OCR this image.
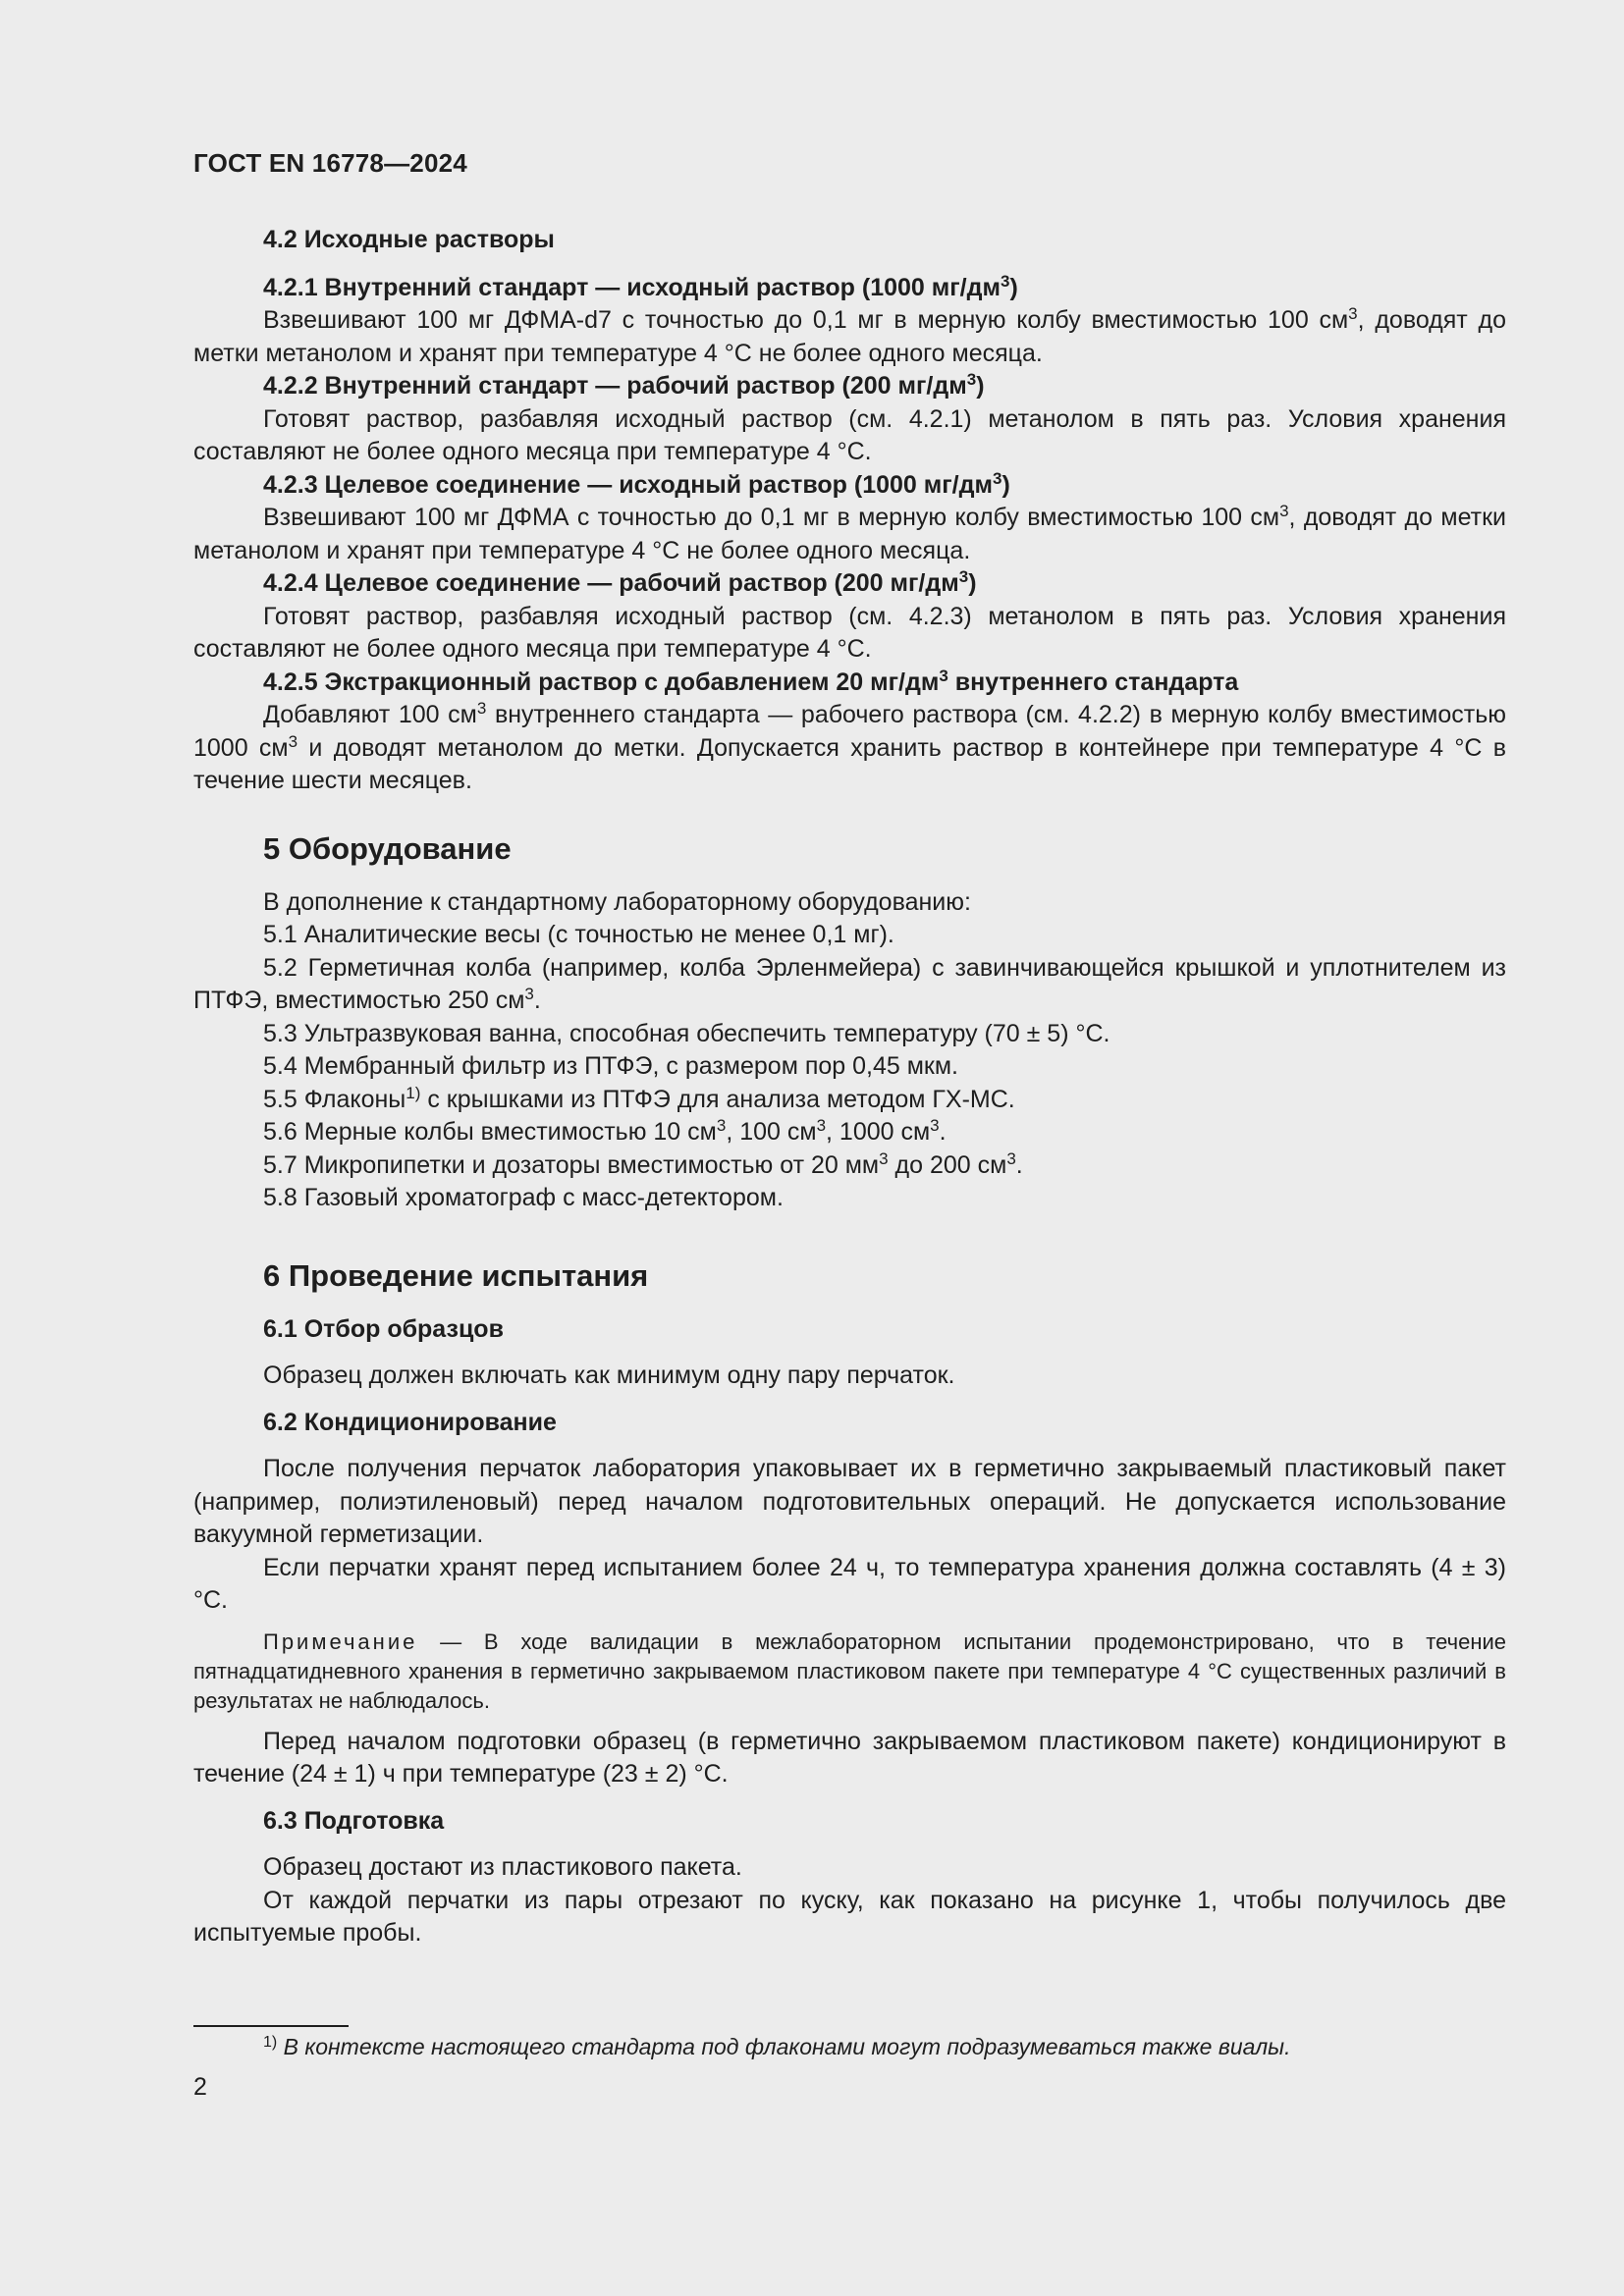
ГОСТ EN 16778—2024
4.2 Исходные растворы
4.2.1 Внутренний стандарт — исходный раствор (1000 $мг/дм^3$)

Взвешивают 100 мг ДФМА-d7 с точностью до 0,1 мг в мерную колбу вместимостью 100 $см^3$, доводят до метки метанолом и хранят при температуре 4 °С не более одного месяца.

4.2.2 Внутренний стандарт — рабочий раствор (200 $мг/дм^3$)

Готовят раствор, разбавляя исходный раствор (см. 4.2.1) метанолом в пять раз. Условия хранения составляют не более одного месяца при температуре 4 °С.

4.2.3 Целевое соединение — исходный раствор (1000 $мг/дм^3$)

Взвешивают 100 мг ДФМА с точностью до 0,1 мг в мерную колбу вместимостью 100 $см^3$, доводят до метки метанолом и хранят при температуре 4 °С не более одного месяца.

4.2.4 Целевое соединение — рабочий раствор (200 $мг/дм^3$)

Готовят раствор, разбавляя исходный раствор (см. 4.2.3) метанолом в пять раз. Условия хранения составляют не более одного месяца при температуре 4 °С.

4.2.5 Экстракционный раствор с добавлением 20 $мг/дм^3$ внутреннего стандарта

Добавляют 100 $см^3$ внутреннего стандарта — рабочего раствора (см. 4.2.2) в мерную колбу вместимостью 1000 $см^3$ и доводят метанолом до метки. Допускается хранить раствор в контейнере при температуре 4 °С в течение шести месяцев.

5 Оборудование

В дополнение к стандартному лабораторному оборудованию:

5.1 Аналитические весы (с точностью не менее 0,1 мг).

5.2 Герметичная колба (например, колба Эрленмейера) с завинчивающейся крышкой и уплотнителем из ПТФЭ, вместимостью 250 $см^3$.

5.3 Ультразвуковая ванна, способная обеспечить температуру (70 ± 5) °С.

5.4 Мембранный фильтр из ПТФЭ, с размером пор 0,45 мкм.

5.5 Флаконы$^{1)}$ с крышками из ПТФЭ для анализа методом ГХ-МС.

5.6 Мерные колбы вместимостью 10 $см^3$, 100 $см^3$, 1000 $см^3$.

5.7 Микропипетки и дозаторы вместимостью от 20 $мм^3$ до 200 $см^3$.

5.8 Газовый хроматограф с масс-детектором.

6 Проведение испытания
6.1 Отбор образцов

Образец должен включать как минимум одну пару перчаток.

6.2 Кондиционирование

После получения перчаток лаборатория упаковывает их в герметично закрываемый пластиковый пакет (например, полиэтиленовый) перед началом подготовительных операций. Не допускается использование вакуумной герметизации.

Если перчатки хранят перед испытанием более 24 ч, то температура хранения должна составлять (4 ± 3) °С.

Примечание — В ходе валидации в межлабораторном испытании продемонстрировано, что в течение пятнадцатидневного хранения в герметично закрываемом пластиковом пакете при температуре 4 °С существенных различий в результатах не наблюдалось.

Перед началом подготовки образец (в герметично закрываемом пластиковом пакете) кондиционируют в течение (24 ± 1) ч при температуре (23 ± 2) °С.

6.3 Подготовка

Образец достают из пластикового пакета.

От каждой перчатки из пары отрезают по куску, как показано на рисунке 1, чтобы получилось две испытуемые пробы.

$^{1)}$ В контексте настоящего стандарта под флаконами могут подразумеваться также виалы.
2
